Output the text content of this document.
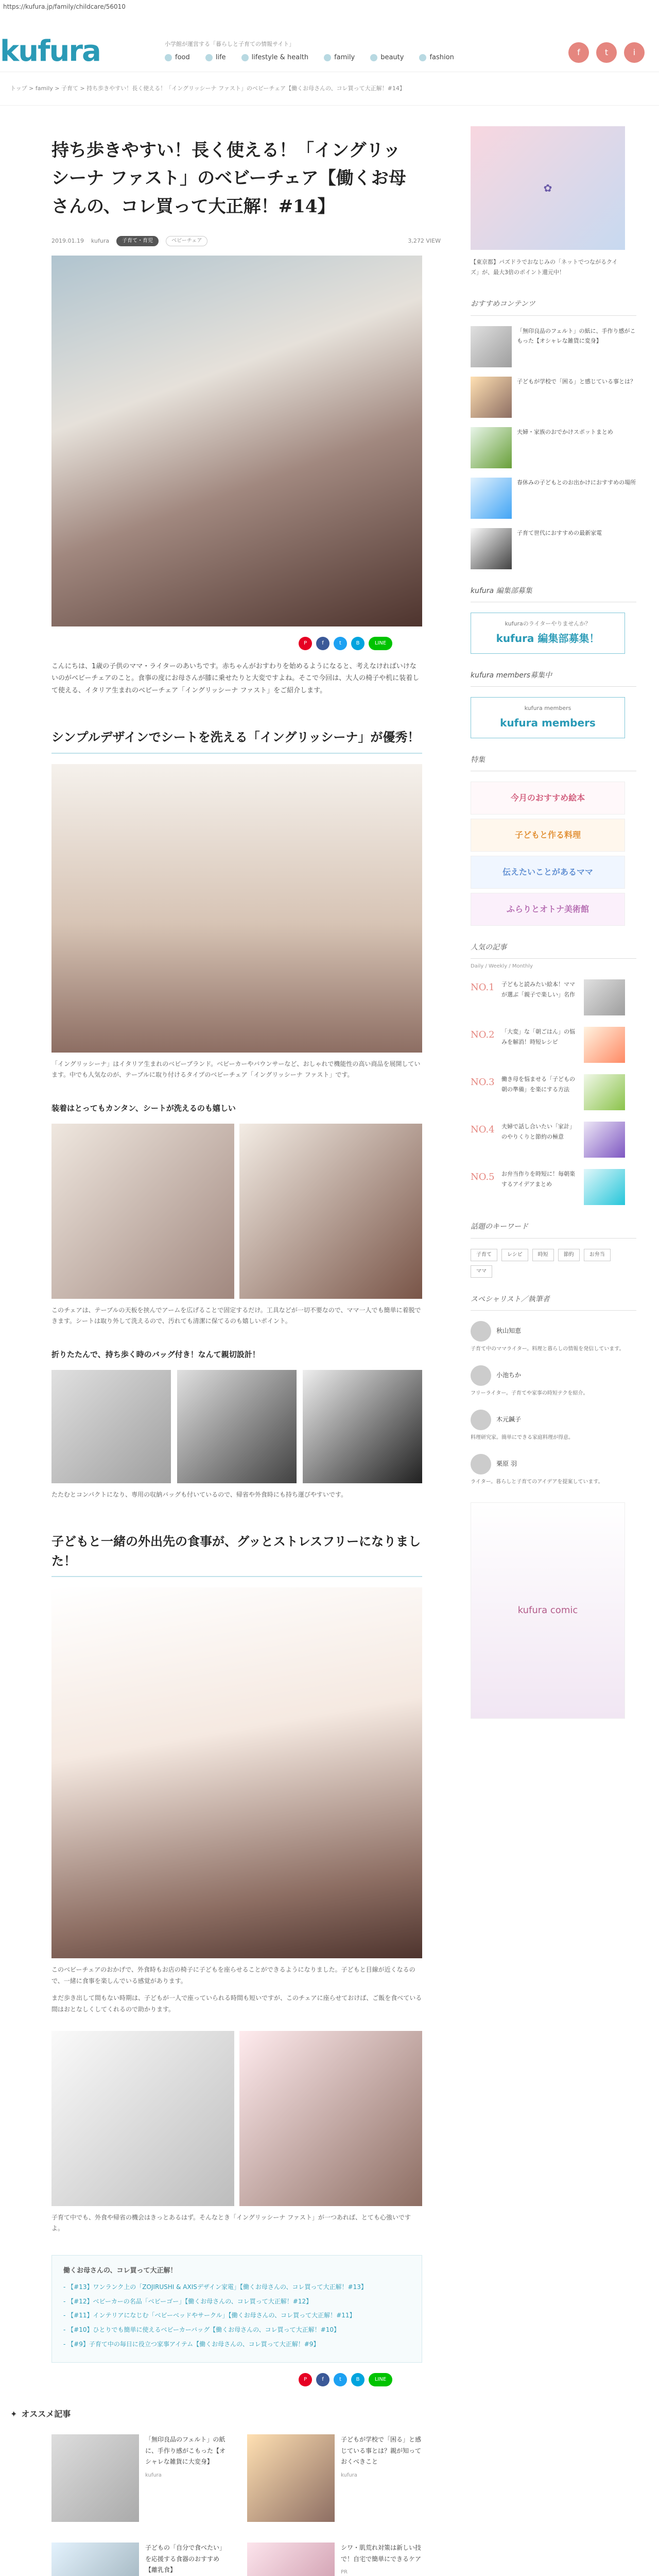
https://kufura.jp/family/childcare/56010
kufura	小学館が運営する「暮らしと子育ての情報サイト」
food	life	lifestyle & health	family	beauty	fashion
f	t	i
トップ > family > 子育て > 持ち歩きやすい！長く使える！「イングリッシーナ ファスト」のベビーチェア【働くお母さんの、コレ買って大正解！#14】
持ち歩きやすい！長く使える！「イングリッシーナ ファスト」のベビーチェア【働くお母さんの、コレ買って大正解！#14】
2019.01.19 kufura	子育て・育児	ベビーチェア	3,272 VIEW
P	f	t	B	LINE

こんにちは、1歳の子供のママ・ライターのあいちです。赤ちゃんがおすわりを始めるようになると、考えなければいけないのがベビーチェアのこと。食事の度にお母さんが膝に乗せたりと大変ですよね。そこで今回は、大人の椅子や机に装着して使える、イタリア生まれのベビーチェア「イングリッシーナ ファスト」をご紹介します。

シンプルデザインでシートを洗える「イングリッシーナ」が優秀！

「イングリッシーナ」はイタリア生まれのベビーブランド。ベビーカーやバウンサーなど、おしゃれで機能性の高い商品を展開しています。中でも人気なのが、テーブルに取り付けるタイプのベビーチェア「イングリッシーナ ファスト」です。

装着はとってもカンタン、シートが洗えるのも嬉しい

このチェアは、テーブルの天板を挟んでアームを広げることで固定するだけ。工具などが一切不要なので、ママ一人でも簡単に着脱できます。シートは取り外して洗えるので、汚れても清潔に保てるのも嬉しいポイント。

折りたたんで、持ち歩く時のバッグ付き！なんて親切設計！

たたむとコンパクトになり、専用の収納バッグも付いているので、帰省や外食時にも持ち運びやすいです。

子どもと一緒の外出先の食事が、グッとストレスフリーになりました！

このベビーチェアのおかげで、外食時もお店の椅子に子どもを座らせることができるようになりました。子どもと目線が近くなるので、一緒に食事を楽しんでいる感覚があります。

まだ歩き出して間もない時期は、子どもが一人で座っていられる時間も短いですが、このチェアに座らせておけば、ご飯を食べている間はおとなしくしてくれるので助かります。

子育て中でも、外食や帰省の機会はきっとあるはず。そんなとき「イングリッシーナ ファスト」が一つあれば、とても心強いですよ。

働くお母さんの、コレ買って大正解！
- 【#13】ワンランク上の「ZOJIRUSHI & AXISデザイン家電」【働くお母さんの、コレ買って大正解！#13】
- 【#12】ベビーカーの名品「ベビーゴー」【働くお母さんの、コレ買って大正解！#12】
- 【#11】インテリアになじむ「ベビーベッドやサークル」【働くお母さんの、コレ買って大正解！#11】
- 【#10】ひとりでも簡単に使えるベビーカーバッグ【働くお母さんの、コレ買って大正解！#10】
- 【#9】子育て中の毎日に役立つ家事アイテム【働くお母さんの、コレ買って大正解！#9】
P	f	t	B	LINE
✦ オススメ記事
「無印良品のフェルト」の紙に、手作り感がこもった【オシャレな雑貨に大変身】
kufura
子どもが学校で「困る」と感じている事とは？親が知っておくべきこと
kufura
子どもの「自分で食べたい」を応援する食器のおすすめ【離乳食】
シワ・肌荒れ対策は新しい技で！自宅で簡単にできるケア
PR
✿
【東京都】パズドラでおなじみの「ネットでつながるクイズ」が、最大3倍のポイント還元中！
おすすめコンテンツ
「無印良品のフェルト」の紙に、手作り感がこもった【オシャレな雑貨に変身】
子どもが学校で「困る」と感じている事とは？
夫婦・家族のおでかけスポットまとめ
春休みの子どもとのお出かけにおすすめの場所
子育て世代におすすめの最新家電
kufura 編集部募集
kufuraのライターやりませんか？
kufura 編集部募集！
kufura members募集中
kufura members
kufura members
特集
今月のおすすめ絵本
子どもと作る料理
伝えたいことがあるママ
ふらりとオトナ美術館
人気の記事
Daily / Weekly / Monthly
NO.1	子どもと読みたい絵本！ママが選ぶ「親子で楽しい」名作
NO.2	「大変」な「朝ごはん」の悩みを解消！時短レシピ
NO.3	働き母を悩ませる「子どもの朝の準備」を楽にする方法
NO.4	夫婦で話し合いたい「家計」のやりくりと節約の極意
NO.5	お弁当作りを時短に！毎朝楽するアイデアまとめ
話題のキーワード
子育て	レシピ	時短	節約	お弁当
ママ
スペシャリスト／執筆者
秋山知恵
子育て中のママライター。料理と暮らしの情報を発信しています。
小池ちか
フリーライター。子育てや家事の時短テクを紹介。
木元鍼子
料理研究家。簡単にできる家庭料理が得意。
栗原 羽
ライター。暮らしと子育てのアイデアを提案しています。
kufura comic
